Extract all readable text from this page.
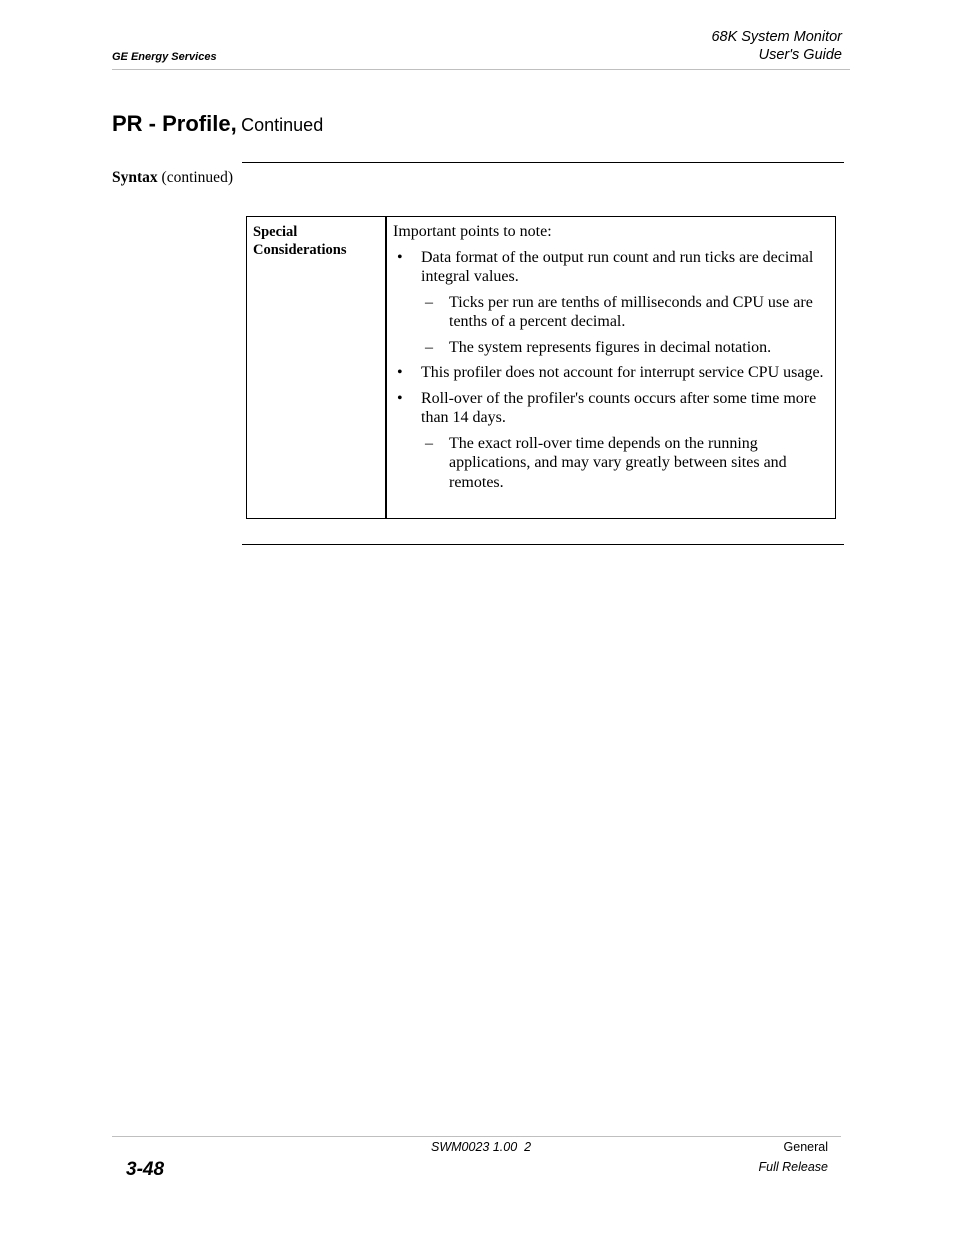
GE Energy Services
68K System Monitor
User's Guide
PR - Profile, Continued
Syntax (continued)
Special
Considerations
Important points to note:
• Data format of the output run count and run ticks are decimal integral values.
– Ticks per run are tenths of milliseconds and CPU use are tenths of a percent decimal.
– The system represents figures in decimal notation.
• This profiler does not account for interrupt service CPU usage.
• Roll-over of the profiler's counts occurs after some time more than 14 days.
– The exact roll-over time depends on the running applications, and may vary greatly between sites and remotes.
3-48
SWM0023 1.00  2	General
Full Release
